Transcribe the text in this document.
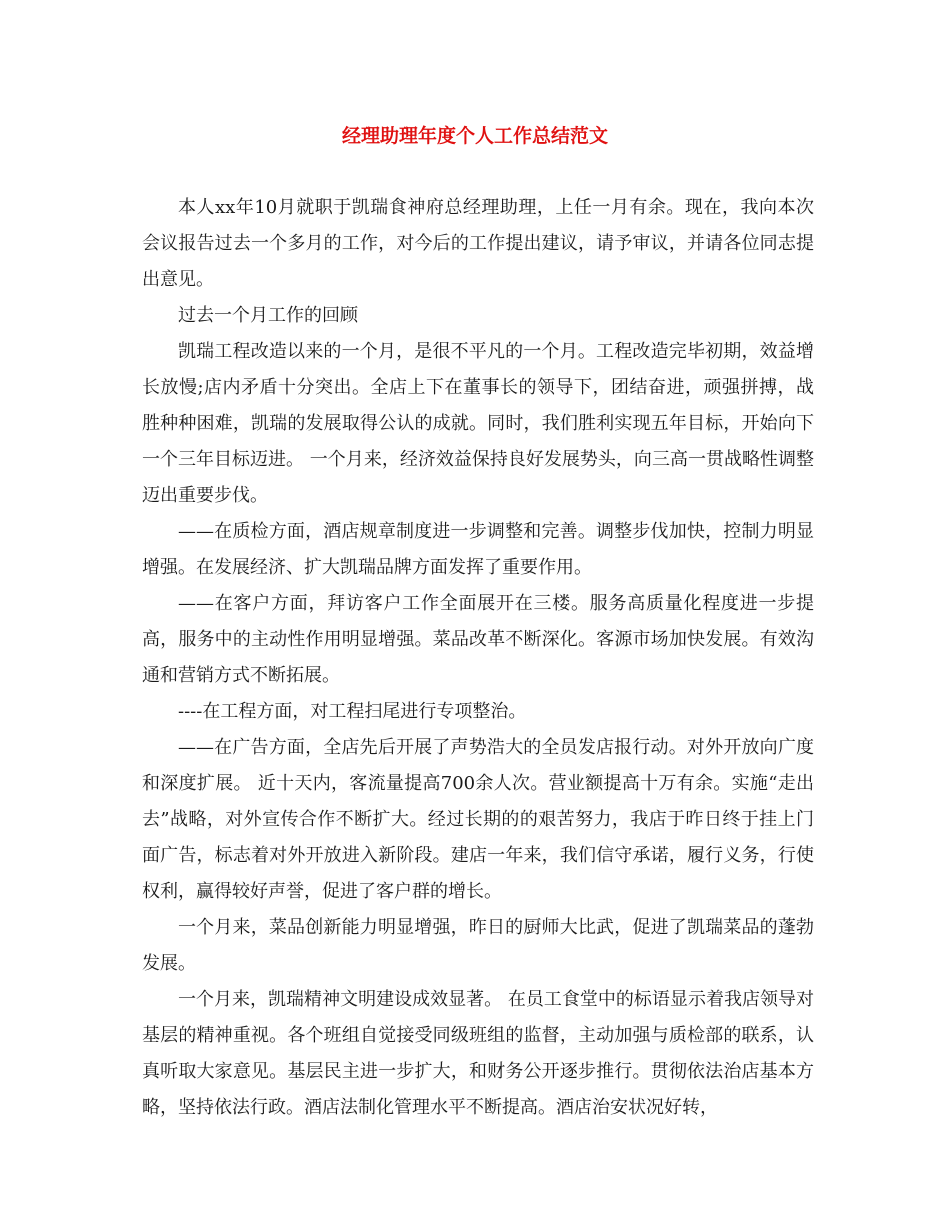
经理助理年度个人工作总结范文

本人xx年10月就职于凯瑞食神府总经理助理，上任一月有余。现在，我向本次会议报告过去一个多月的工作，对今后的工作提出建议，请予审议，并请各位同志提出意见。

过去一个月工作的回顾

凯瑞工程改造以来的一个月，是很不平凡的一个月。工程改造完毕初期，效益增长放慢;店内矛盾十分突出。全店上下在董事长的领导下，团结奋进，顽强拼搏，战胜种种困难，凯瑞的发展取得公认的成就。同时，我们胜利实现五年目标，开始向下一个三年目标迈进。 一个月来，经济效益保持良好发展势头，向三高一贯战略性调整迈出重要步伐。

——在质检方面，酒店规章制度进一步调整和完善。调整步伐加快，控制力明显增强。在发展经济、扩大凯瑞品牌方面发挥了重要作用。

——在客户方面，拜访客户工作全面展开在三楼。服务高质量化程度进一步提高，服务中的主动性作用明显增强。菜品改革不断深化。客源市场加快发展。有效沟通和营销方式不断拓展。

----在工程方面，对工程扫尾进行专项整治。

——在广告方面，全店先后开展了声势浩大的全员发店报行动。对外开放向广度和深度扩展。 近十天内，客流量提高700余人次。营业额提高十万有余。实施“走出去”战略，对外宣传合作不断扩大。经过长期的的艰苦努力，我店于昨日终于挂上门面广告，标志着对外开放进入新阶段。建店一年来，我们信守承诺，履行义务，行使权利，赢得较好声誉，促进了客户群的增长。

一个月来，菜品创新能力明显增强，昨日的厨师大比武，促进了凯瑞菜品的蓬勃发展。

一个月来，凯瑞精神文明建设成效显著。 在员工食堂中的标语显示着我店领导对基层的精神重视。各个班组自觉接受同级班组的监督，主动加强与质检部的联系，认真听取大家意见。基层民主进一步扩大，和财务公开逐步推行。贯彻依法治店基本方略，坚持依法行政。酒店法制化管理水平不断提高。酒店治安状况好转，
